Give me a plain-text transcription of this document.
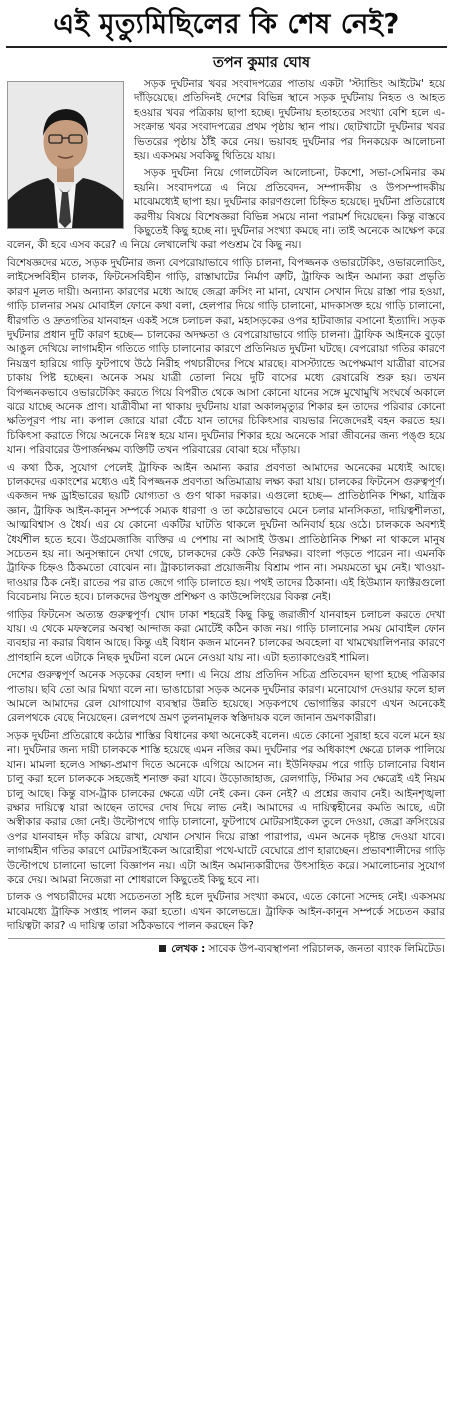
এই মৃত্যুমিছিলের কি শেষ নেই?
তপন কুমার ঘোষ

সড়ক দুর্ঘটনার খবর সংবাদপত্রের পাতায় একটা 'স্ট্যান্ডিং আইটেম' হয়ে দাঁড়িয়েছে। প্রতিদিনই দেশের বিভিন্ন স্থানে সড়ক দুর্ঘটনায় নিহত ও আহত হওয়ার খবর পত্রিকায় ছাপা হচ্ছে। দুর্ঘটনায় হতাহতের সংখ্যা বেশি হলে এ-সংক্রান্ত খবর সংবাদপত্রের প্রথম পৃষ্ঠায় স্থান পায়। ছোটখাটো দুর্ঘটনার খবর ভিতরের পৃষ্ঠায় ঠাঁই করে নেয়। ভয়াবহ দুর্ঘটনার পর দিনকয়েক আলোচনা হয়। একসময় সবকিছু থিতিয়ে যায়।

সড়ক দুর্ঘটনা নিয়ে গোলটেবিল আলোচনা, টকশো, সভা-সেমিনার কম হয়নি। সংবাদপত্রে এ নিয়ে প্রতিবেদন, সম্পাদকীয় ও উপসম্পাদকীয় মাঝেমধ্যেই ছাপা হয়। দুর্ঘটনার কারণগুলো চিহ্নিত হয়েছে। দুর্ঘটনা প্রতিরোধে করণীয় বিষয়ে বিশেষজ্ঞরা বিভিন্ন সময়ে নানা পরামর্শ দিয়েছেন। কিন্তু বাস্তবে কিছুতেই কিছু হচ্ছে না। দুর্ঘটনার সংখ্যা কমছে না। তাই অনেকে আক্ষেপ করে বলেন, কী হবে এসব করে? এ নিয়ে লেখালেখি করা পণ্ডশ্রম বৈ কিছু নয়।

বিশেষজ্ঞদের মতে, সড়ক দুর্ঘটনার জন্য বেপরোয়াভাবে গাড়ি চালনা, বিপজ্জনক ওভারটেকিং, ওভারলোডিং, লাইসেন্সবিহীন চালক, ফিটনেসবিহীন গাড়ি, রাস্তাঘাটের নির্মাণ ত্রুটি, ট্রাফিক আইন অমান্য করা প্রভৃতি কারণ মূলত দায়ী। অন্যান্য কারণের মধ্যে আছে জেব্রা ক্রসিং না মানা, যেখান সেখান দিয়ে রাস্তা পার হওয়া, গাড়ি চালনার সময় মোবাইল ফোনে কথা বলা, হেলপার দিয়ে গাড়ি চালানো, মাদকাসক্ত হয়ে গাড়ি চালানো, ধীরগতি ও দ্রুতগতির যানবাহন একই সঙ্গে চলাচল করা, মহাসড়কের ওপর হাটবাজার বসানো ইত্যাদি। সড়ক দুর্ঘটনার প্রধান দুটি কারণ হচ্ছে— চালকের অদক্ষতা ও বেপরোয়াভাবে গাড়ি চালনা। ট্রাফিক আইনকে বুড়ো আঙুল দেখিয়ে লাগামহীন গতিতে গাড়ি চালানোর কারণে প্রতিনিয়ত দুর্ঘটনা ঘটছে। বেপরোয়া গতির কারণে নিয়ন্ত্রণ হারিয়ে গাড়ি ফুটপাথে উঠে নিরীহ পথচারীদের পিষে মারছে। বাসস্ট্যান্ডে অপেক্ষমাণ যাত্রীরা বাসের চাকায় পিষ্ট হচ্ছেন। অনেক সময় যাত্রী তোলা নিয়ে দুটি বাসের মধ্যে রেষারেষি শুরু হয়। তখন বিপজ্জনকভাবে ওভারটেকিং করতে গিয়ে বিপরীত থেকে আসা কোনো যানের সঙ্গে মুখোমুখি সংঘর্ষে অকালে ঝরে যাচ্ছে অনেক প্রাণ। যাত্রীবীমা না থাকায় দুর্ঘটনায় যারা অকালমৃত্যুর শিকার হন তাদের পরিবার কোনো ক্ষতিপূরণ পায় না। কপাল জোরে যারা বেঁচে যান তাদের চিকিৎসার ব্যয়ভার নিজেদেরই বহন করতে হয়। চিকিৎসা করাতে গিয়ে অনেকে নিঃস্ব হয়ে যান। দুর্ঘটনার শিকার হয়ে অনেকে সারা জীবনের জন্য পঙ্গু হয়ে যান। পরিবারের উপার্জনক্ষম ব্যক্তিটি তখন পরিবারের বোঝা হয়ে দাঁড়ায়।

এ কথা ঠিক, সুযোগ পেলেই ট্রাফিক আইন অমান্য করার প্রবণতা আমাদের অনেকের মধ্যেই আছে। চালকদের একাংশের মধ্যেও এই বিপজ্জনক প্রবণতা অতিমাত্রায় লক্ষ্য করা যায়। চালকের ফিটনেস গুরুত্বপূর্ণ। একজন দক্ষ ড্রাইভারের ছয়টি যোগ্যতা ও গুণ থাকা দরকার। এগুলো হচ্ছে— প্রাতিষ্ঠানিক শিক্ষা, যান্ত্রিক জ্ঞান, ট্রাফিক আইন-কানুন সম্পর্কে সম্যক ধারণা ও তা কঠোরভাবে মেনে চলার মানসিকতা, দায়িত্বশীলতা, আত্মবিশ্বাস ও ধৈর্য। এর যে কোনো একটির ঘাটতি থাকলে দুর্ঘটনা অনিবার্য হয়ে ওঠে। চালককে অবশ্যই ধৈর্যশীল হতে হবে। উগ্রমেজাজি ব্যক্তির এ পেশায় না আসাই উত্তম। প্রাতিষ্ঠানিক শিক্ষা না থাকলে মানুষ সচেতন হয় না। অনুসন্ধানে দেখা গেছে, চালকদের কেউ কেউ নিরক্ষর। বাংলা পড়তে পারেন না। এমনকি ট্রাফিক চিহ্নও ঠিকমতো বোঝেন না। ট্রাকচালকরা প্রয়োজনীয় বিশ্রাম পান না। সময়মতো ঘুম নেই। খাওয়া-দাওয়ার ঠিক নেই। রাতের পর রাত জেগে গাড়ি চালাতে হয়। পথই তাদের ঠিকানা। এই হিউম্যান ফ্যাক্টরগুলো বিবেচনায় নিতে হবে। চালকদের উপযুক্ত প্রশিক্ষণ ও কাউন্সেলিংয়ের বিকল্প নেই।

গাড়ির ফিটনেস অত্যন্ত গুরুত্বপূর্ণ। খোদ ঢাকা শহরেই কিছু কিছু জরাজীর্ণ যানবাহন চলাচল করতে দেখা যায়। এ থেকে মফস্বলের অবস্থা আন্দাজ করা মোটেই কঠিন কাজ নয়। গাড়ি চালানোর সময় মোবাইল ফোন ব্যবহার না করার বিধান আছে। কিন্তু এই বিধান কজন মানেন? চালকের অবহেলা বা খামখেয়ালিপনার কারণে প্রাণহানি হলে এটাকে নিছক দুর্ঘটনা বলে মেনে নেওয়া যায় না। এটা হত্যাকাণ্ডেরই শামিল।

দেশের গুরুত্বপূর্ণ অনেক সড়কের বেহাল দশা। এ নিয়ে প্রায় প্রতিদিন সচিত্র প্রতিবেদন ছাপা হচ্ছে পত্রিকার পাতায়। ছবি তো আর মিথ্যা বলে না। ভাঙাচোরা সড়ক অনেক দুর্ঘটনার কারণ। মনোযোগ দেওয়ার ফলে হাল আমলে আমাদের রেল যোগাযোগ ব্যবস্থার উন্নতি হয়েছে। সড়কপথে ভোগান্তির কারণে এখন অনেকেই রেলপথকে বেছে নিয়েছেন। রেলপথে ভ্রমণ তুলনামূলক স্বস্তিদায়ক বলে জানান ভ্রমণকারীরা।

সড়ক দুর্ঘটনা প্রতিরোধে কঠোর শাস্তির বিধানের কথা অনেকেই বলেন। এতে কোনো সুরাহা হবে বলে মনে হয় না। দুর্ঘটনার জন্য দায়ী চালককে শাস্তি হয়েছে এমন নজির কম। দুর্ঘটনার পর অধিকাংশ ক্ষেত্রে চালক পালিয়ে যান। মামলা হলেও সাক্ষ্য-প্রমাণ দিতে অনেকে এগিয়ে আসেন না। ইউনিফরম পরে গাড়ি চালানোর বিধান চালু করা হলে চালককে সহজেই শনাক্ত করা যাবে। উড়োজাহাজ, রেলগাড়ি, স্টিমার সব ক্ষেত্রেই এই নিয়ম চালু আছে। কিন্তু বাস-ট্রাক চালকের ক্ষেত্রে এটা নেই কেন। কেন নেই? এ প্রশ্নের জবাব নেই। আইনশৃঙ্খলা রক্ষার দায়িত্বে যারা আছেন তাদের দোষ দিয়ে লাভ নেই। আমাদের এ দায়িত্বহীনের কমতি আছে, এটা অস্বীকার করার জো নেই। উল্টোপথে গাড়ি চালানো, ফুটপাথে মোটরসাইকেল তুলে দেওয়া, জেব্রা ক্রসিংয়ের ওপর যানবাহন দাঁড় করিয়ে রাখা, যেখান সেখান দিয়ে রাস্তা পারাপার, এমন অনেক দৃষ্টান্ত দেওয়া যাবে। লাগামহীন গতির কারণে মোটরসাইকেল আরোহীরা পথে-ঘাটে বেঘোরে প্রাণ হারাচ্ছেন। প্রভাবশালীদের গাড়ি উল্টোপথে চালানো ভালো বিজ্ঞাপন নয়। এটা আইন অমান্যকারীদের উৎসাহিত করে। সমালোচনার সুযোগ করে দেয়। আমরা নিজেরা না শোধরালে কিছুতেই কিছু হবে না।

চালক ও পথচারীদের মধ্যে সচেতনতা সৃষ্টি হলে দুর্ঘটনার সংখ্যা কমবে, এতে কোনো সন্দেহ নেই। একসময় মাঝেমধ্যে ট্রাফিক সপ্তাহ পালন করা হতো। এখন কালেভদ্রে। ট্রাফিক আইন-কানুন সম্পর্কে সচেতন করার দায়িত্বটা কার? এ দায়িত্ব তারা সঠিকভাবে পালন করছেন কি?

লেখক : সাবেক উপ-ব্যবস্থাপনা পরিচালক, জনতা ব্যাংক লিমিটেড।
